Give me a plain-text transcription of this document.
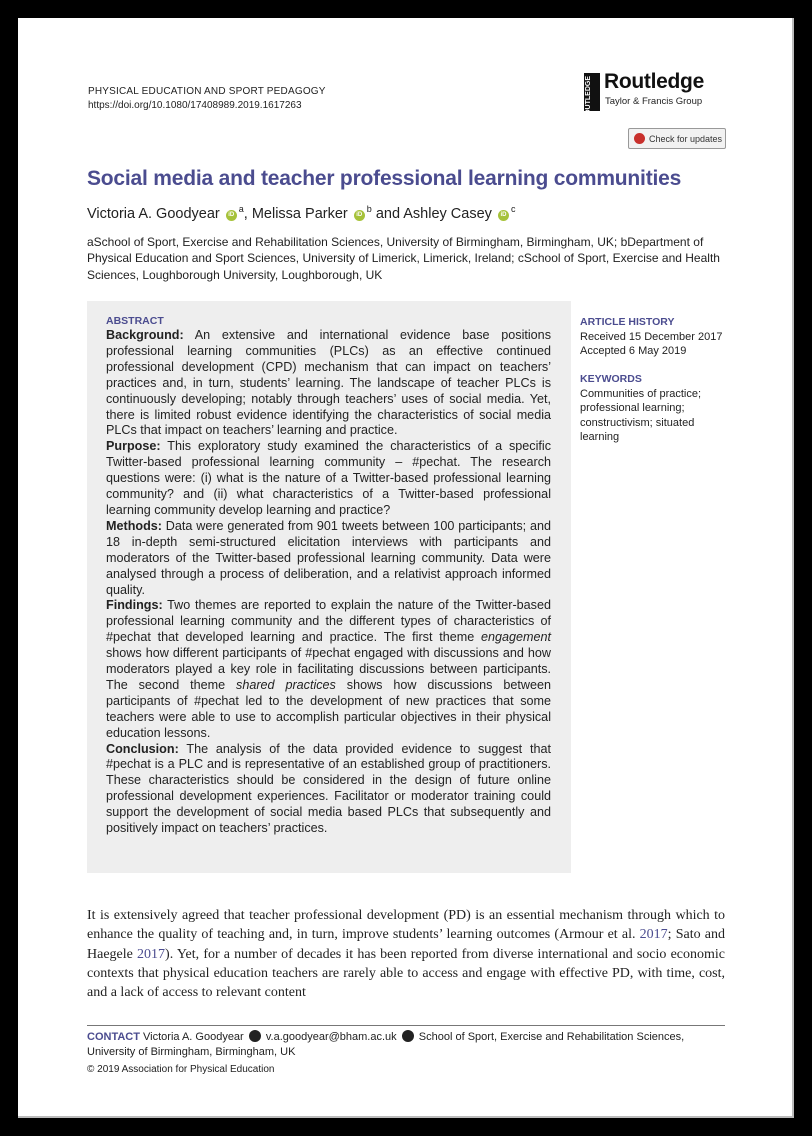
PHYSICAL EDUCATION AND SPORT PEDAGOGY
https://doi.org/10.1080/17408989.2019.1617263	ROUTLEDGE Routledge
Taylor & Francis Group
Check for updates
Social media and teacher professional learning communities
Victoria A. Goodyear $iD^a$, Melissa Parker $iD^b$ and Ashley Casey $iD^c$
aSchool of Sport, Exercise and Rehabilitation Sciences, University of Birmingham, Birmingham, UK; bDepartment of Physical Education and Sport Sciences, University of Limerick, Limerick, Ireland; cSchool of Sport, Exercise and Health Sciences, Loughborough University, Loughborough, UK
ABSTRACT

Background: An extensive and international evidence base positions professional learning communities (PLCs) as an effective continued professional development (CPD) mechanism that can impact on teachers’ practices and, in turn, students’ learning. The landscape of teacher PLCs is continuously developing; notably through teachers’ uses of social media. Yet, there is limited robust evidence identifying the characteristics of social media PLCs that impact on teachers’ learning and practice.

Purpose: This exploratory study examined the characteristics of a specific Twitter-based professional learning community – #pechat. The research questions were: (i) what is the nature of a Twitter-based professional learning community? and (ii) what characteristics of a Twitter-based professional learning community develop learning and practice?

Methods: Data were generated from 901 tweets between 100 participants; and 18 in-depth semi-structured elicitation interviews with participants and moderators of the Twitter-based professional learning community. Data were analysed through a process of deliberation, and a relativist approach informed quality.

Findings: Two themes are reported to explain the nature of the Twitter-based professional learning community and the different types of characteristics of #pechat that developed learning and practice. The first theme engagement shows how different participants of #pechat engaged with discussions and how moderators played a key role in facilitating discussions between participants. The second theme shared practices shows how discussions between participants of #pechat led to the development of new practices that some teachers were able to use to accomplish particular objectives in their physical education lessons.

Conclusion: The analysis of the data provided evidence to suggest that #pechat is a PLC and is representative of an established group of practitioners. These characteristics should be considered in the design of future online professional development experiences. Facilitator or moderator training could support the development of social media based PLCs that subsequently and positively impact on teachers’ practices.

ARTICLE HISTORY
Received 15 December 2017
Accepted 6 May 2019
KEYWORDS
Communities of practice;
professional learning;
constructivism; situated
learning
It is extensively agreed that teacher professional development (PD) is an essential mechanism through which to enhance the quality of teaching and, in turn, improve students’ learning outcomes (Armour et al. 2017; Sato and Haegele 2017). Yet, for a number of decades it has been reported from diverse international and socio economic contexts that physical education teachers are rarely able to access and engage with effective PD, with time, cost, and a lack of access to relevant content
CONTACT Victoria A. Goodyear v.a.goodyear@bham.ac.uk School of Sport, Exercise and Rehabilitation Sciences, University of Birmingham, Birmingham, UK
© 2019 Association for Physical Education
